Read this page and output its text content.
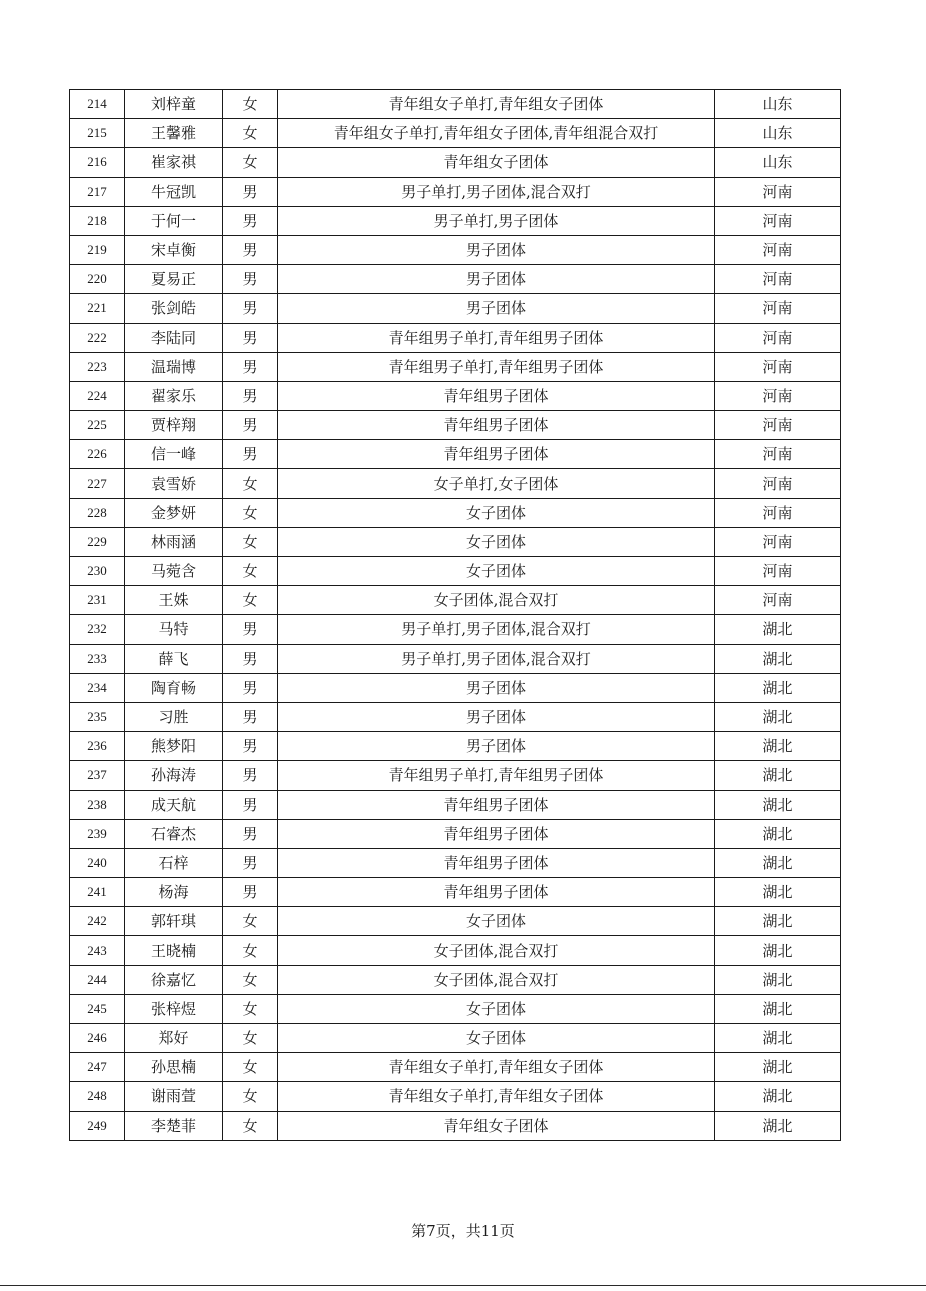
214	刘梓童	女	青年组女子单打,青年组女子团体	山东
215	王馨雅	女	青年组女子单打,青年组女子团体,青年组混合双打	山东
216	崔家祺	女	青年组女子团体	山东
217	牛冠凯	男	男子单打,男子团体,混合双打	河南
218	于何一	男	男子单打,男子团体	河南
219	宋卓衡	男	男子团体	河南
220	夏易正	男	男子团体	河南
221	张剑皓	男	男子团体	河南
222	李陆同	男	青年组男子单打,青年组男子团体	河南
223	温瑞博	男	青年组男子单打,青年组男子团体	河南
224	翟家乐	男	青年组男子团体	河南
225	贾梓翔	男	青年组男子团体	河南
226	信一峰	男	青年组男子团体	河南
227	袁雪娇	女	女子单打,女子团体	河南
228	金梦妍	女	女子团体	河南
229	林雨涵	女	女子团体	河南
230	马菀含	女	女子团体	河南
231	王姝	女	女子团体,混合双打	河南
232	马特	男	男子单打,男子团体,混合双打	湖北
233	薛飞	男	男子单打,男子团体,混合双打	湖北
234	陶育畅	男	男子团体	湖北
235	习胜	男	男子团体	湖北
236	熊梦阳	男	男子团体	湖北
237	孙海涛	男	青年组男子单打,青年组男子团体	湖北
238	成天航	男	青年组男子团体	湖北
239	石睿杰	男	青年组男子团体	湖北
240	石梓	男	青年组男子团体	湖北
241	杨海	男	青年组男子团体	湖北
242	郭轩琪	女	女子团体	湖北
243	王晓楠	女	女子团体,混合双打	湖北
244	徐嘉忆	女	女子团体,混合双打	湖北
245	张梓煜	女	女子团体	湖北
246	郑好	女	女子团体	湖北
247	孙思楠	女	青年组女子单打,青年组女子团体	湖北
248	谢雨萱	女	青年组女子单打,青年组女子团体	湖北
249	李楚菲	女	青年组女子团体	湖北
第7页，共11页
